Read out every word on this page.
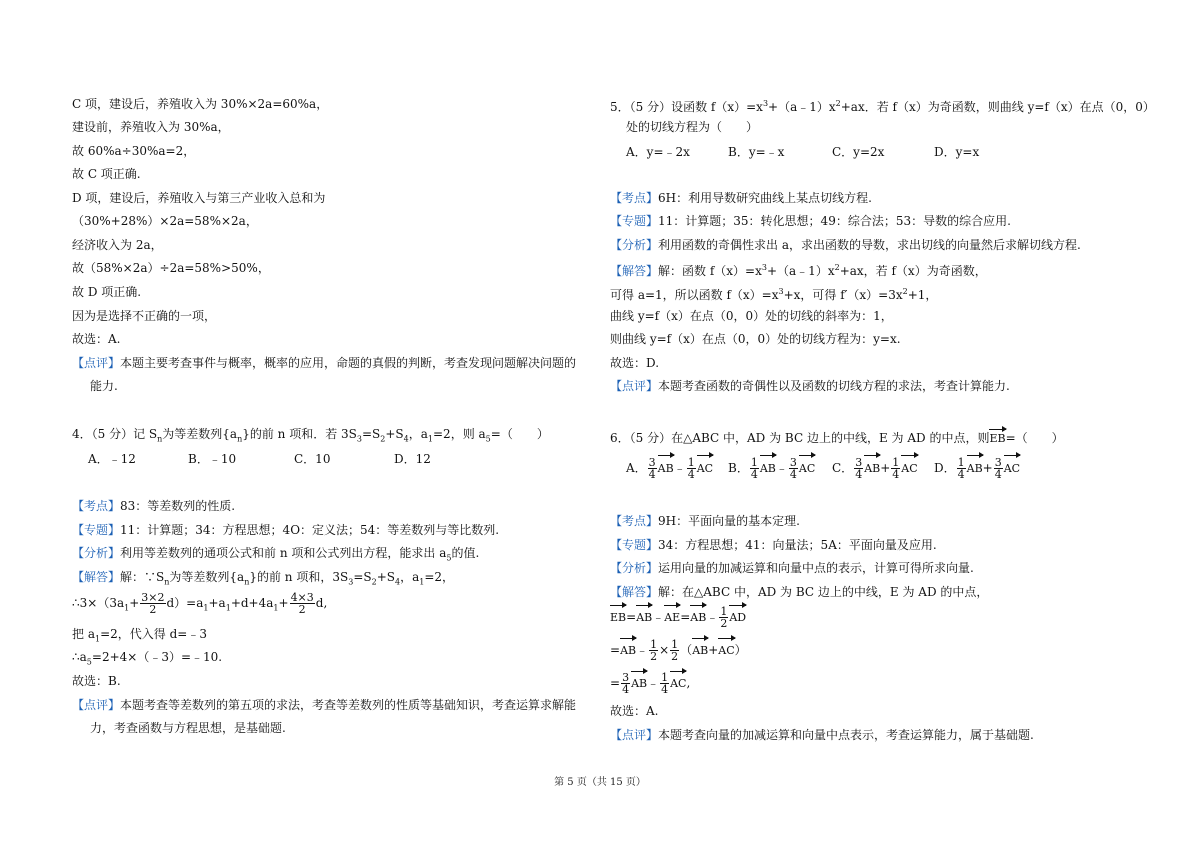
C 项，建设后，养殖收入为 30%×2a=60%a，
建设前，养殖收入为 30%a，
故 60%a÷30%a=2，
故 C 项正确.
D 项，建设后，养殖收入与第三产业收入总和为
（30%+28%）×2a=58%×2a，
经济收入为 2a，
故（58%×2a）÷2a=58%>50%，
故 D 项正确.
因为是选择不正确的一项，
故选：A.
【点评】本题主要考查事件与概率，概率的应用，命题的真假的判断，考查发现问题解决问题的
能力.
4．（5 分）记 $S_n$为等差数列$\{a_n\}$的前 n 项和．若 $3S_3=S_2+S_4$，$a_1=2$，则 $a_5=$（　　）
A．﹣12	B．﹣10	C．10	D．12
【考点】83：等差数列的性质.
【专题】11：计算题；34：方程思想；4O：定义法；54：等差数列与等比数列.
【分析】利用等差数列的通项公式和前 n 项和公式列出方程，能求出 $a_5$的值.
【解答】解：$\because S_n$为等差数列$\{a_n\}$的前 n 项和，$3S_3=S_2+S_4$，$a_1=2$，
$\therefore 3\times(3a_1+ \frac{3\times 2}{2} d)=a_1+a_1+d+4a_1+ \frac{4\times 3}{2} d$,
把 $a_1=2$，代入得 d=﹣3
$\therefore a_5=2+4\times(﹣3)=﹣10$.
故选：B.
【点评】本题考查等差数列的第五项的求法，考查等差数列的性质等基础知识，考查运算求解能
力，考查函数与方程思想，是基础题.
5．（5 分）设函数 $f(x)=x^3+(a﹣1)x^2+ax$．若 f（x）为奇函数，则曲线 y=f（x）在点（0，0）
处的切线方程为（　　）
A．y=﹣2x	B．y=﹣x	C．y=2x	D．y=x
【考点】6H：利用导数研究曲线上某点切线方程.
【专题】11：计算题；35：转化思想；49：综合法；53：导数的综合应用.
【分析】利用函数的奇偶性求出 a，求出函数的导数，求出切线的向量然后求解切线方程.
【解答】解：函数 $f(x)=x^3+(a﹣1)x^2+ax$，若 f（x）为奇函数，
可得 a=1，所以函数 $f(x)=x^3+x$，可得 $f'(x)=3x^2+1$，
曲线 y=f（x）在点（0，0）处的切线的斜率为：1，
则曲线 y=f（x）在点（0，0）处的切线方程为：y=x.
故选：D.
【点评】本题考查函数的奇偶性以及函数的切线方程的求法，考查计算能力.
6．（5 分）在△ABC 中，AD 为 BC 边上的中线，E 为 AD 的中点，则EB=（　　）
A． $\frac{3}{4}$ AB﹣ $\frac{1}{4}$ AC B． $\frac{1}{4}$ AB﹣ $\frac{3}{4}$ AC C． $\frac{3}{4} AB+ \frac{1}{4}$ AC D． $\frac{1}{4} AB+ \frac{3}{4}$ AC
【考点】9H：平面向量的基本定理.
【专题】34：方程思想；41：向量法；5A：平面向量及应用.
【分析】运用向量的加减运算和向量中点的表示，计算可得所求向量.
【解答】解：在△ABC 中，AD 为 BC 边上的中线，E 为 AD 的中点，
EB=AB﹣AE=AB﹣ $\frac{1}{2}$ AD
=AB﹣ $\frac{1}{2} \times \frac{1}{2} (AB+AC)$
= $\frac{3}{4}$ AB﹣ $\frac{1}{4}$ AC,
故选：A.
【点评】本题考查向量的加减运算和向量中点表示，考查运算能力，属于基础题.
第 5 页（共 15 页）
